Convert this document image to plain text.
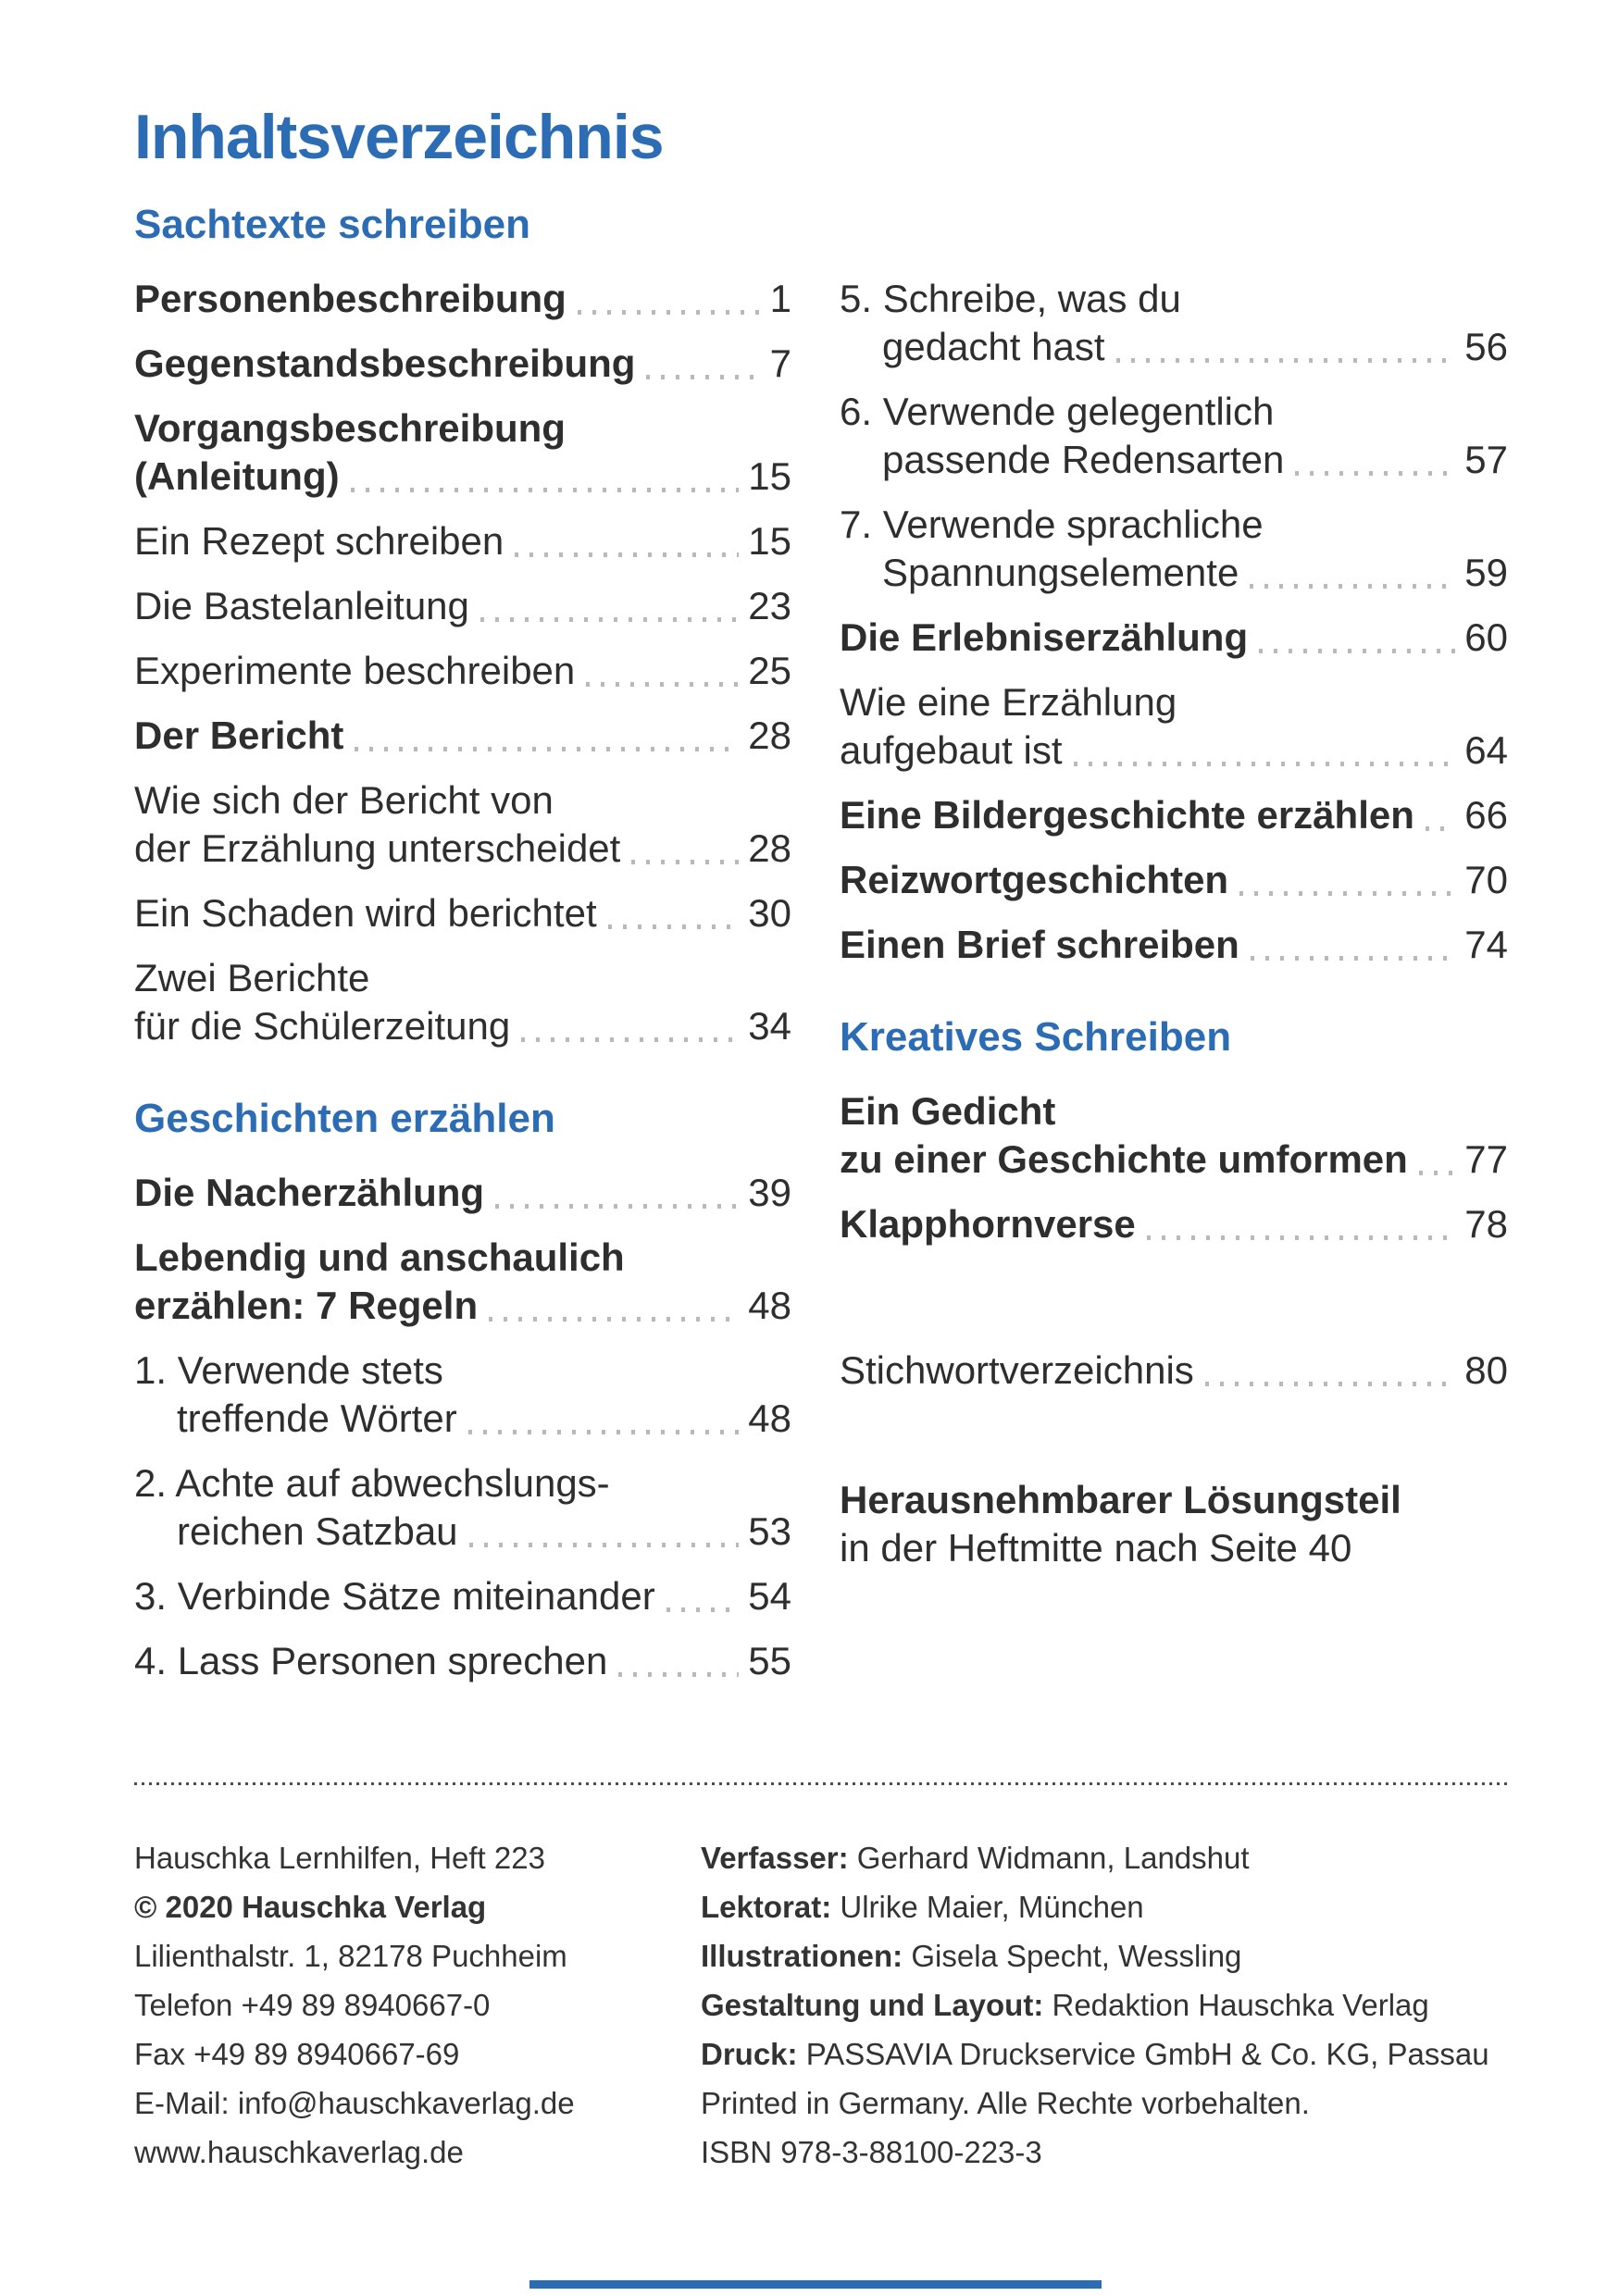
Inhaltsverzeichnis
Sachtexte schreiben
Personenbeschreibung	1
Gegenstandsbeschreibung	7
Vorgangsbeschreibung
(Anleitung)	15
Ein Rezept schreiben	15
Die Bastelanleitung	23
Experimente beschreiben	25
Der Bericht	28
Wie sich der Bericht von
der Erzählung unterscheidet	28
Ein Schaden wird berichtet	30
Zwei Berichte
für die Schülerzeitung	34
Geschichten erzählen
Die Nacherzählung	39
Lebendig und anschaulich
erzählen: 7 Regeln	48
1. Verwende stets
treffende Wörter	48
2. Achte auf abwechslungs-
reichen Satzbau	53
3. Verbinde Sätze miteinander 54
4. Lass Personen sprechen	55
5. Schreibe, was du
gedacht hast	56
6. Verwende gelegentlich
passende Redensarten	57
7. Verwende sprachliche
Spannungselemente	59
Die Erlebniserzählung	60
Wie eine Erzählung
aufgebaut ist	64
Eine Bildergeschichte erzählen 66
Reizwortgeschichten	70
Einen Brief schreiben	74
Kreatives Schreiben
Ein Gedicht
zu einer Geschichte umformen 77
Klapphornverse	78
Stichwortverzeichnis	80
Herausnehmbarer Lösungsteil
in der Heftmitte nach Seite 40
Hauschka Lernhilfen, Heft 223
© 2020 Hauschka Verlag
Lilienthalstr. 1, 82178 Puchheim
Telefon +49 89 8940667-0
Fax +49 89 8940667-69
E-Mail: info@hauschkaverlag.de
www.hauschkaverlag.de
Verfasser: Gerhard Widmann, Landshut
Lektorat: Ulrike Maier, München
Illustrationen: Gisela Specht, Wessling
Gestaltung und Layout: Redaktion Hauschka Verlag
Druck: PASSAVIA Druckservice GmbH & Co. KG, Passau
Printed in Germany. Alle Rechte vorbehalten.
ISBN 978-3-88100-223-3
